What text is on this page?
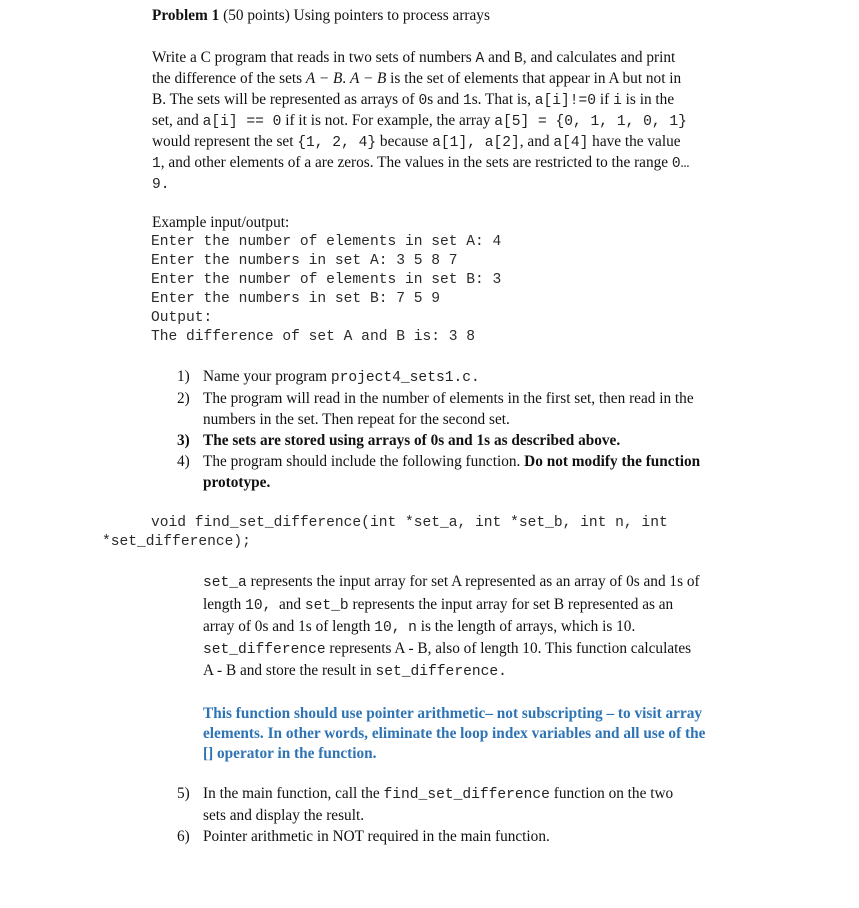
Problem 1 (50 points) Using pointers to process arrays
Write a C program that reads in two sets of numbers A and B, and calculates and print
the difference of the sets A − B. A − B is the set of elements that appear in A but not in
B. The sets will be represented as arrays of 0s and 1s. That is, a[i]!=0 if i is in the
set, and a[i] == 0 if it is not. For example, the array a[5] = {0, 1, 1, 0, 1}
would represent the set {1, 2, 4} because a[1], a[2], and a[4] have the value
1, and other elements of a are zeros. The values in the sets are restricted to the range 0…
9.
Example input/output:
Enter the number of elements in set A: 4
Enter the numbers in set A: 3 5 8 7
Enter the number of elements in set B: 3
Enter the numbers in set B: 7 5 9
Output:
The difference of set A and B is: 3 8
1) Name your program project4_sets1.c.
2) The program will read in the number of elements in the first set, then read in the
numbers in the set. Then repeat for the second set.
3) The sets are stored using arrays of 0s and 1s as described above.
4) The program should include the following function. Do not modify the function
prototype.
void find_set_difference(int *set_a, int *set_b, int n, int
*set_difference);
set_a represents the input array for set A represented as an array of 0s and 1s of
length 10,  and set_b represents the input array for set B represented as an
array of 0s and 1s of length 10, n is the length of arrays, which is 10.
set_difference represents A - B, also of length 10. This function calculates
A - B and store the result in set_difference.
This function should use pointer arithmetic– not subscripting – to visit array
elements. In other words, eliminate the loop index variables and all use of the
[] operator in the function.
5) In the main function, call the find_set_difference function on the two
sets and display the result.
6) Pointer arithmetic in NOT required in the main function.
